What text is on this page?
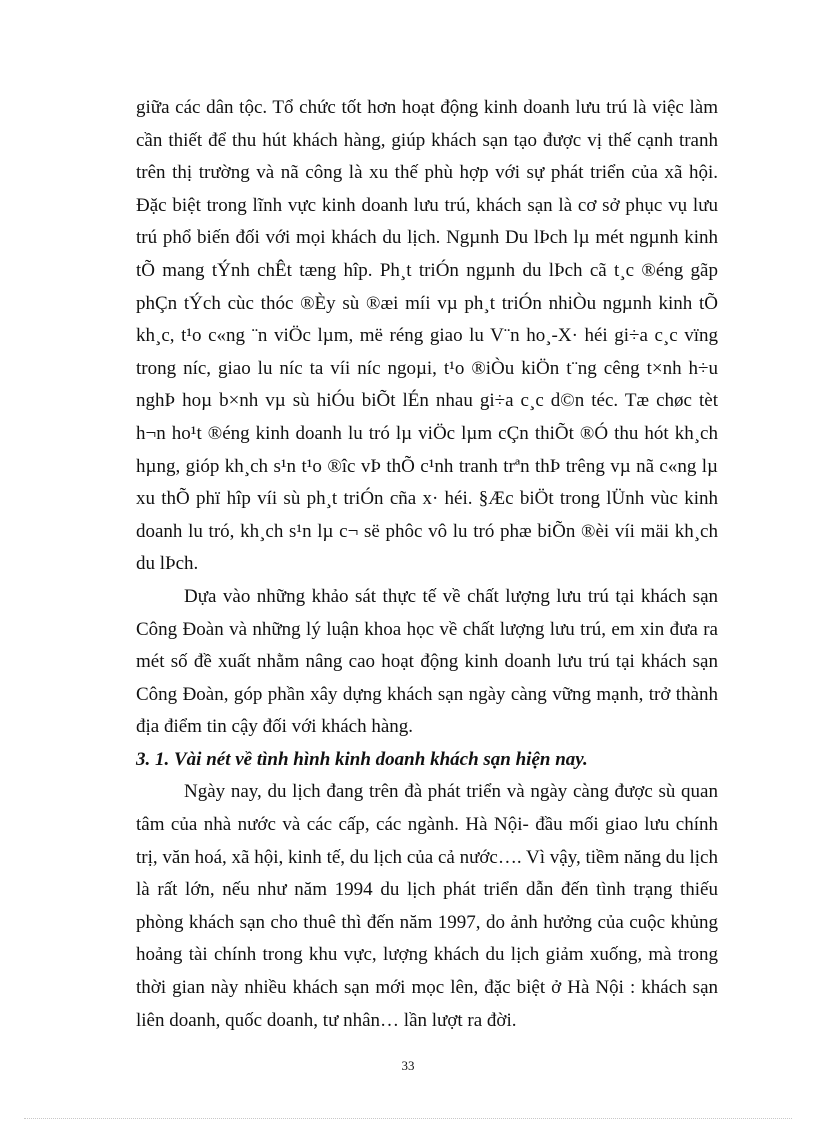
giữa các dân tộc. Tổ chức tốt hơn hoạt động kinh doanh lưu trú là việc làm cần thiết để thu hút khách hàng, giúp khách sạn tạo được vị thế cạnh tranh trên thị trường và nã công là xu thế phù hợp với sự phát triển của xã hội. Đặc biệt trong lĩnh vực kinh doanh lưu trú, khách sạn là cơ sở phục vụ lưu trú phổ biến đối với mọi khách du lịch. Ngµnh Du lÞch lµ mét ngµnh kinh tÕ mang tÝnh chÊt tæng hîp. Ph¸t triÓn ngµnh du lÞch cã t¸c ®éng gãp phÇn tÝch cùc thóc ®Èy sù ®æi míi vµ ph¸t triÓn nhiÒu ngµnh kinh tÕ kh¸c, t¹o c«ng ¨n viÖc lµm, më réng giao lu V¨n ho¸-X· héi gi÷a c¸c vïng trong níc, giao lu níc ta víi níc ngoµi, t¹o ®iÒu kiÖn t¨ng cêng t×nh h÷u nghÞ hoµ b×nh vµ sù hiÓu biÕt lÉn nhau gi÷a c¸c d©n téc. Tæ chøc tèt h¬n ho¹t ®éng kinh doanh lu tró lµ viÖc lµm cÇn thiÕt ®Ó thu hót kh¸ch hµng, gióp kh¸ch s¹n t¹o ®îc vÞ thÕ c¹nh tranh trªn thÞ trêng vµ nã c«ng lµ xu thÕ phï hîp víi sù ph¸t triÓn cña x· héi. §Æc biÖt trong lÜnh vùc kinh doanh lu tró, kh¸ch s¹n lµ c¬ së phôc vô lu tró phæ biÕn ®èi víi mäi kh¸ch du lÞch.

Dựa vào những khảo sát thực tế về chất lượng lưu trú tại khách sạn Công Đoàn và những lý luận khoa học về chất lượng lưu trú, em xin đưa ra mét số đề xuất nhằm nâng cao hoạt động kinh doanh lưu trú tại khách sạn Công Đoàn, góp phần xây dựng khách sạn ngày càng vững mạnh, trở thành địa điểm tin cậy đối với khách hàng.

3. 1. Vài nét về tình hình kinh doanh khách sạn hiện nay.

Ngày nay, du lịch đang trên đà phát triển và ngày càng được sù quan tâm của nhà nước và các cấp, các ngành. Hà Nội- đầu mối giao lưu chính trị, văn hoá, xã hội, kinh tế, du lịch của cả nước…. Vì vậy, tiềm năng du lịch là rất lớn, nếu như năm 1994 du lịch phát triển dẫn đến tình trạng thiếu phòng khách sạn cho thuê thì đến năm 1997, do ảnh hưởng của cuộc khủng hoảng tài chính trong khu vực, lượng khách du lịch giảm xuống, mà trong thời gian này nhiều khách sạn mới mọc lên, đặc biệt ở Hà Nội : khách sạn liên doanh, quốc doanh, tư nhân… lần lượt ra đời.

33
